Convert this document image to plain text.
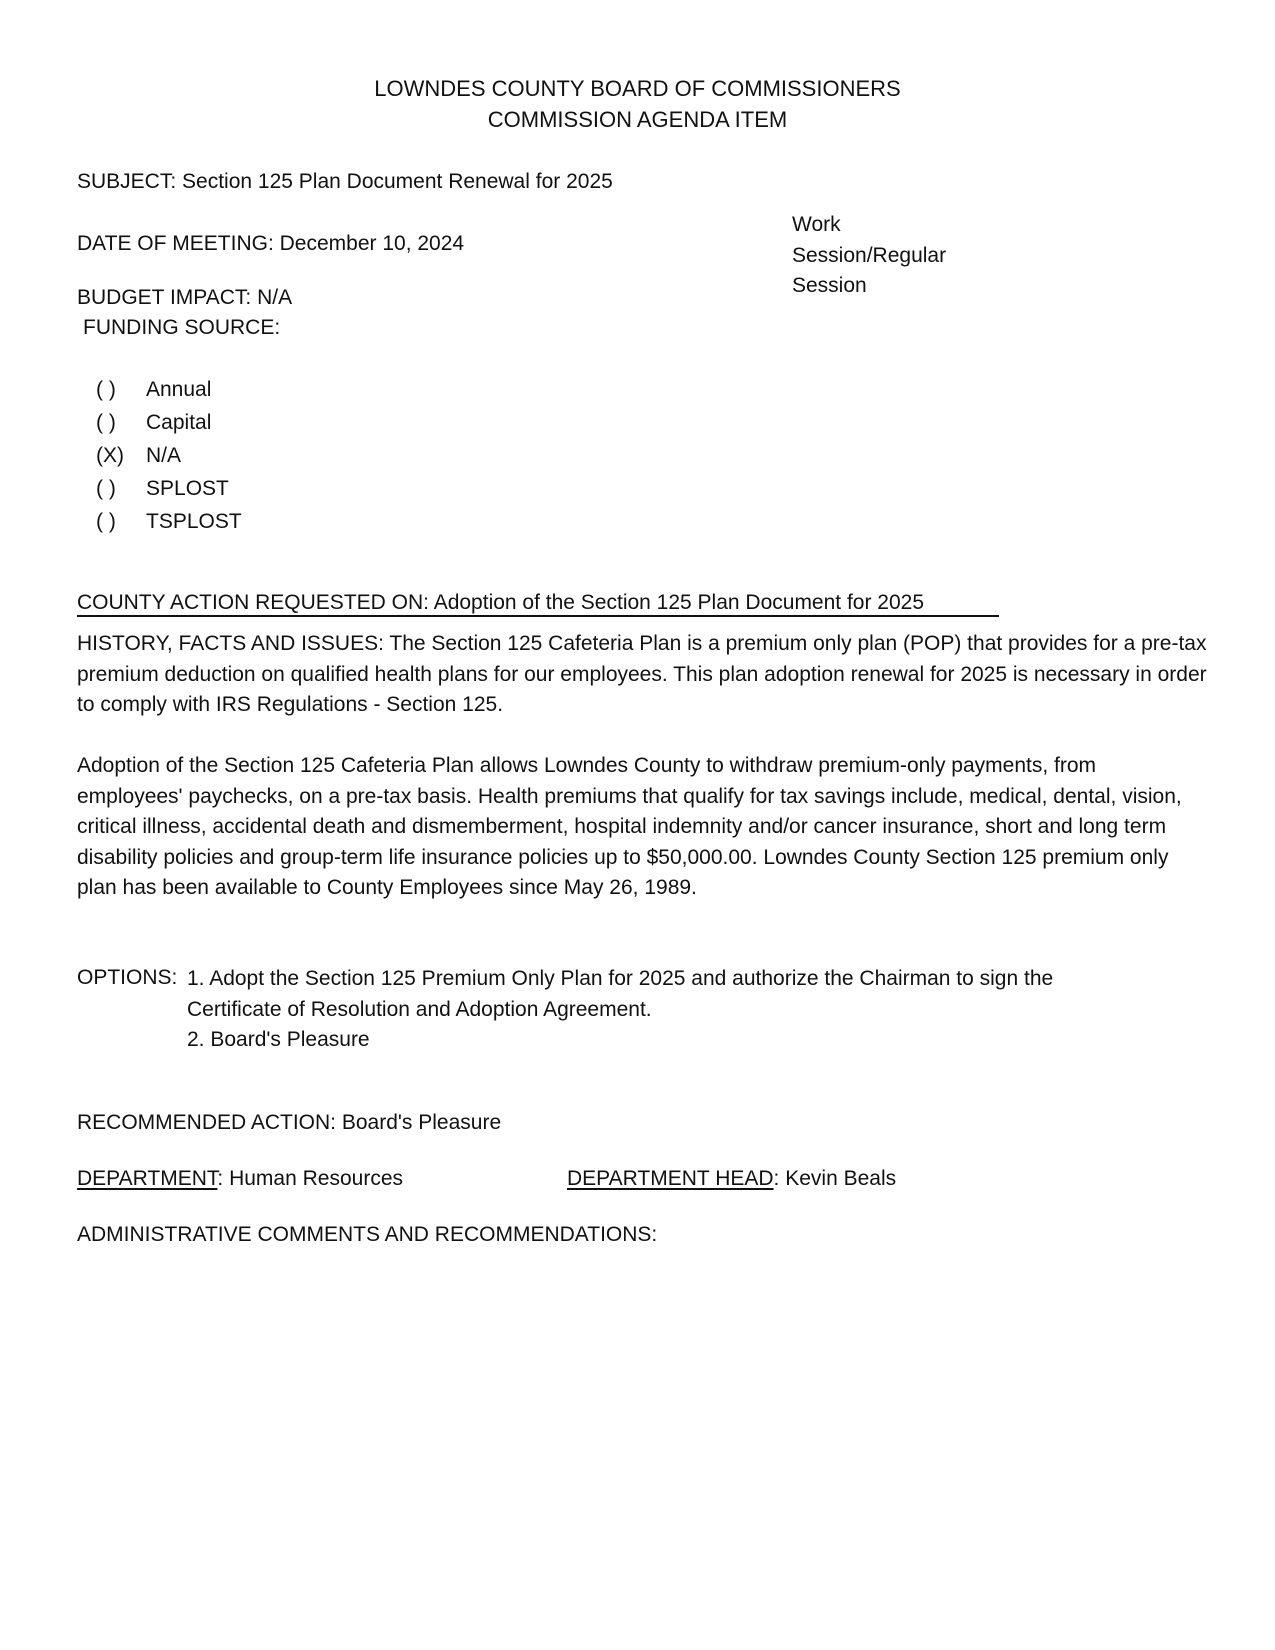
LOWNDES COUNTY BOARD OF COMMISSIONERS
COMMISSION AGENDA ITEM
SUBJECT: Section 125 Plan Document Renewal for 2025
DATE OF MEETING: December 10, 2024
Work
Session/Regular
Session
BUDGET IMPACT: N/A
FUNDING SOURCE:
( ) Annual
( ) Capital
(X) N/A
( ) SPLOST
( ) TSPLOST
COUNTY ACTION REQUESTED ON: Adoption of the Section 125 Plan Document for 2025
HISTORY, FACTS AND ISSUES: The Section 125 Cafeteria Plan is a premium only plan (POP) that provides for a pre-tax premium deduction on qualified health plans for our employees. This plan adoption renewal for 2025 is necessary in order to comply with IRS Regulations - Section 125.
Adoption of the Section 125 Cafeteria Plan allows Lowndes County to withdraw premium-only payments, from employees' paychecks, on a pre-tax basis. Health premiums that qualify for tax savings include, medical, dental, vision, critical illness, accidental death and dismemberment, hospital indemnity and/or cancer insurance, short and long term disability policies and group-term life insurance policies up to $50,000.00. Lowndes County Section 125 premium only plan has been available to County Employees since May 26, 1989.
OPTIONS: 1. Adopt the Section 125 Premium Only Plan for 2025 and authorize the Chairman to sign the
Certificate of Resolution and Adoption Agreement.
2. Board's Pleasure
RECOMMENDED ACTION: Board's Pleasure
DEPARTMENT: Human Resources	DEPARTMENT HEAD: Kevin Beals
ADMINISTRATIVE COMMENTS AND RECOMMENDATIONS:
